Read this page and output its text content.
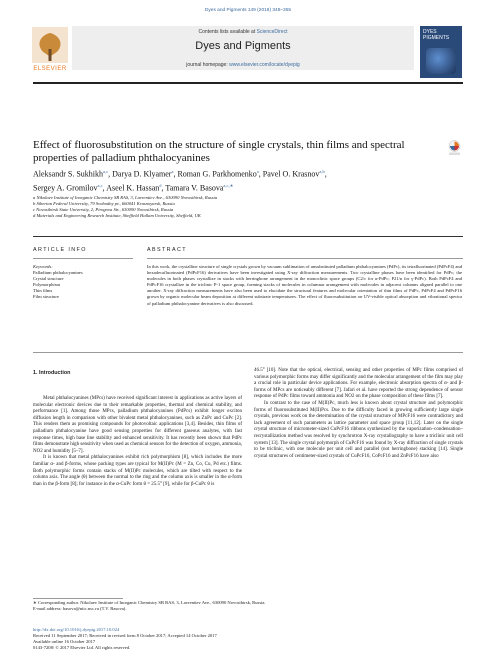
Dyes and Pigments 149 (2018) 348–355
ELSEVIER
Contents lists available at ScienceDirect
Dyes and Pigments
journal homepage: www.elsevier.com/locate/dyepig
DYES
PIGMENTS
Effect of fluorosubstitution on the structure of single crystals, thin films and spectral properties of palladium phthalocyanines
Aleksandr S. Sukhikh$^{a,c}$, Darya D. Klyamer$^a$, Roman G. Parkhomenko$^a$, Pavel O. Krasnov$^{a,b}$,
Sergey A. Gromilov$^{a,c}$, Aseel K. Hassan$^d$, Tamara V. Basova$^{a,c,∗}$
a Nikolaev Institute of Inorganic Chemistry SB RAS, 3, Lavrentiev Ave., 630090 Novosibirsk, Russia
b Siberian Federal University, 79 Svobodny pr., 660041 Krasnoyarsk, Russia
c Novosibirsk State University, 2, Pirogova Str., 630090 Novosibirsk, Russia
d Materials and Engineering Research Institute, Sheffield Hallam University, Sheffield, UK
ARTICLE INFO
Keywords:
Palladium phthalocyanines
Crystal structure
Polymorphism
Thin films
Film structure
ABSTRACT
In this work, the crystalline structure of single crystals grown by vacuum sublimation of unsubstituted palladium phthalocyanines (PdPc), its tetrafluorinated (PdPcF4) and hexadecafluorinated (PdPcF16) derivatives have been investigated using X-ray diffraction measurements. Two crystalline phases have been identified for PdPc; the molecules in both phases crystallize in stacks with herringbone arrangement in the monoclinic space groups (C2/c for α-PdPc; P21/n for γ-PdPc). Both PdPcF4 and PdPcF16 crystallize in the triclinic P-1 space group, forming stacks of molecules in columnar arrangement with molecules in adjacent columns aligned parallel to one another. X-ray diffraction measurements have also been used to elucidate the structural features and molecular orientation of thin films of PdPc, PdPcF4 and PdPcF16 grown by organic molecular beam deposition at different substrate temperatures. The effect of fluorosubstitution on UV-visible optical absorption and vibrational spectra of palladium phthalocyanine derivatives is also discussed.
1. Introduction
Metal phthalocyanines (MPcs) have received significant interest in applications as active layers of molecular electronic devices due to their remarkable properties, thermal and chemical stability, and performance [1]. Among those MPcs, palladium phthalocyanines (PdPcs) exhibit longer exciton diffusion length in comparison with other bivalent metal phthalocyanines, such as ZnPc and CuPc [2]. This renders them as promising compounds for photovoltaic applications [3,4]. Besides, thin films of palladium phthalocyanine have good sensing properties for different gaseous analytes, with fast response times, high base line stability and enhanced sensitivity. It has recently been shown that PdPc films demonstrate high sensitivity when used as chemical sensors for the detection of oxygen, ammonia, NO2 and humidity [5–7].
It is known that metal phthalocyanines exhibit rich polymorphism [8], which includes the more familiar α- and β-forms, whose packing types are typical for M(II)Pc (M = Zn, Co, Cu, Pd etc.) films. Both polymorphic forms contain stacks of M(II)Pc molecules, which are tilted with respect to the column axis. The angle (θ) between the normal to the ring and the column axis is smaller in the α-form than in the β-form [8]; for instance in the α-CuPc form θ = 25.5° [9], while for β-CuPc θ is
46.5° [10]. Note that the optical, electrical, sensing and other properties of MPc films comprised of various polymorphic forms may differ significantly and the molecular arrangement of the film may play a crucial role in particular device applications. For example, electronic absorption spectra of α- and β-forms of MPcs are noticeably different [7]. Jafari et al. have reported the strong dependence of sensor response of PdPc films toward ammonia and NO2 on the phase composition of these films [7].
In contrast to the case of M(II)Pc, much less is known about crystal structure and polymorphic forms of fluorosubstituted M(II)Pcs. Due to the difficulty faced in growing sufficiently large single crystals, previous work on the determination of the crystal structure of MPcF16 were contradictory and lack agreement of such parameters as lattice parameter and space group [11,12]. Later on the single crystal structure of micrometer-sized CuPcF16 ribbons synthesized by the vaporization–condensation–recrystallization method was resolved by synchrotron X-ray crystallography to have a triclinic unit cell system [13]. The single crystal polymorph of CuPcF16 was found by X-ray diffraction of single crystals to be triclinic, with one molecule per unit cell and parallel (not herringbone) stacking [14]. Single crystal structures of centimeter-sized crystals of CuPcF16, CoPcF16 and ZnPcF16 have also
∗ Corresponding author. Nikolaev Institute of Inorganic Chemistry SB RAS, 3, Lavrentiev Ave., 630090 Novosibirsk, Russia.
E-mail address: basova@niic.nsc.ru (T.V. Basova).
http://dx.doi.org/10.1016/j.dyepig.2017.10.024
Received 11 September 2017; Received in revised form 8 October 2017; Accepted 14 October 2017
Available online 16 October 2017
0143-7208/ © 2017 Elsevier Ltd. All rights reserved.
